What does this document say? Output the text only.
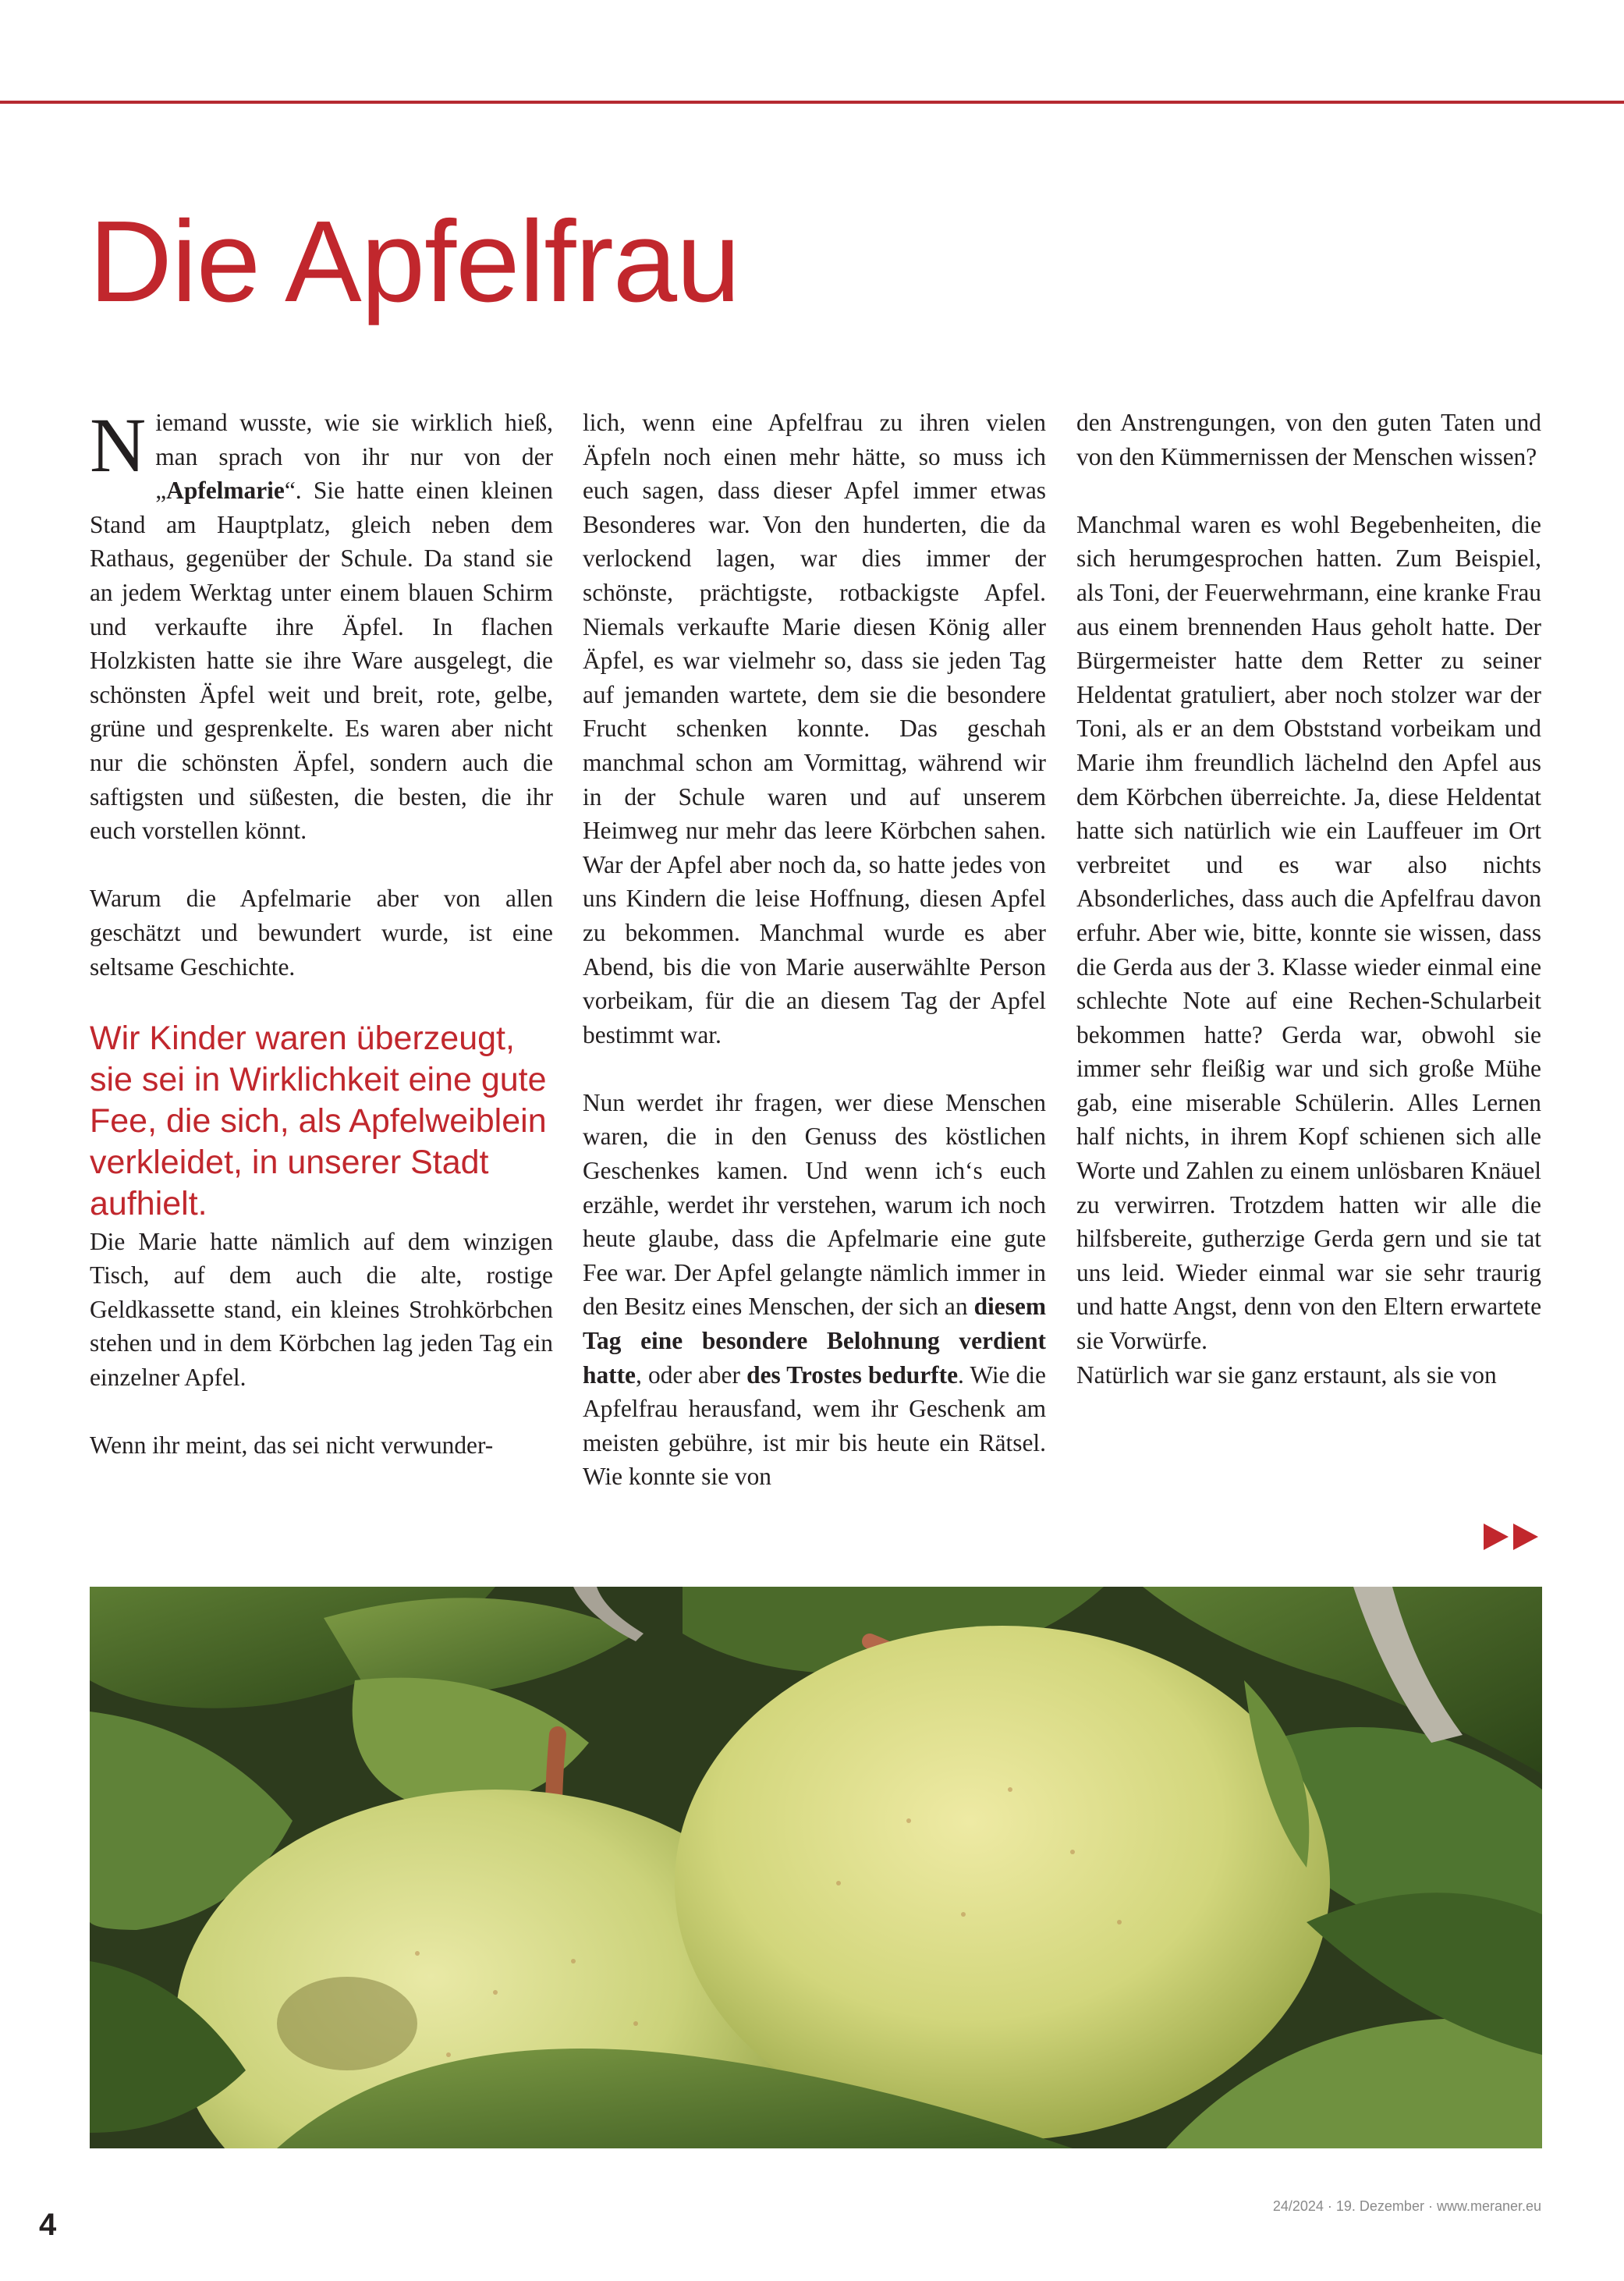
Die Apfelfrau

Niemand wusste, wie sie wirklich hieß, man sprach von ihr nur von der „Apfelmarie“. Sie hatte einen kleinen Stand am Hauptplatz, gleich neben dem Rathaus, gegenüber der Schule. Da stand sie an jedem Werktag unter einem blauen Schirm und verkaufte ihre Äpfel. In flachen Holzkisten hatte sie ihre Ware ausgelegt, die schönsten Äpfel weit und breit, rote, gelbe, grüne und gesprenkelte. Es waren aber nicht nur die schönsten Äpfel, sondern auch die saftigsten und süßesten, die besten, die ihr euch vorstellen könnt.

Warum die Apfelmarie aber von allen geschätzt und bewundert wurde, ist eine seltsame Geschichte.

Wir Kinder waren überzeugt, sie sei in Wirklichkeit eine gute Fee, die sich, als Apfelweiblein verkleidet, in unserer Stadt aufhielt.

Die Marie hatte nämlich auf dem winzigen Tisch, auf dem auch die alte, rostige Geldkassette stand, ein kleines Strohkörbchen stehen und in dem Körbchen lag jeden Tag ein einzelner Apfel.

Wenn ihr meint, das sei nicht verwunder-

lich, wenn eine Apfelfrau zu ihren vielen Äpfeln noch einen mehr hätte, so muss ich euch sagen, dass dieser Apfel immer etwas Besonderes war. Von den hunderten, die da verlockend lagen, war dies immer der schönste, prächtigste, rotbackigste Apfel. Niemals verkaufte Marie diesen König aller Äpfel, es war vielmehr so, dass sie jeden Tag auf jemanden wartete, dem sie die besondere Frucht schenken konnte. Das geschah manchmal schon am Vormittag, während wir in der Schule waren und auf unserem Heimweg nur mehr das leere Körbchen sahen. War der Apfel aber noch da, so hatte jedes von uns Kindern die leise Hoffnung, diesen Apfel zu bekommen. Manchmal wurde es aber Abend, bis die von Marie auserwählte Person vorbeikam, für die an diesem Tag der Apfel bestimmt war.

Nun werdet ihr fragen, wer diese Menschen waren, die in den Genuss des köstlichen Geschenkes kamen. Und wenn ich‘s euch erzähle, werdet ihr verstehen, warum ich noch heute glaube, dass die Apfelmarie eine gute Fee war. Der Apfel gelangte nämlich immer in den Besitz eines Menschen, der sich an diesem Tag eine besondere Belohnung verdient hatte, oder aber des Trostes bedurfte. Wie die Apfelfrau herausfand, wem ihr Geschenk am meisten gebühre, ist mir bis heute ein Rätsel. Wie konnte sie von

den Anstrengungen, von den guten Taten und von den Kümmernissen der Menschen wissen?

Manchmal waren es wohl Begebenheiten, die sich herumgesprochen hatten. Zum Beispiel, als Toni, der Feuerwehrmann, eine kranke Frau aus einem brennenden Haus geholt hatte. Der Bürgermeister hatte dem Retter zu seiner Heldentat gratuliert, aber noch stolzer war der Toni, als er an dem Obststand vorbeikam und Marie ihm freundlich lächelnd den Apfel aus dem Körbchen überreichte. Ja, diese Heldentat hatte sich natürlich wie ein Lauffeuer im Ort verbreitet und es war also nichts Absonderliches, dass auch die Apfelfrau davon erfuhr. Aber wie, bitte, konnte sie wissen, dass die Gerda aus der 3. Klasse wieder einmal eine schlechte Note auf eine Rechen-Schularbeit bekommen hatte? Gerda war, obwohl sie immer sehr fleißig war und sich große Mühe gab, eine miserable Schülerin. Alles Lernen half nichts, in ihrem Kopf schienen sich alle Worte und Zahlen zu einem unlösbaren Knäuel zu verwirren. Trotzdem hatten wir alle die hilfsbereite, gutherzige Gerda gern und sie tat uns leid. Wieder einmal war sie sehr traurig und hatte Angst, denn von den Eltern erwartete sie Vorwürfe.

Natürlich war sie ganz erstaunt, als sie von

4
24/2024 · 19. Dezember · www.meraner.eu
